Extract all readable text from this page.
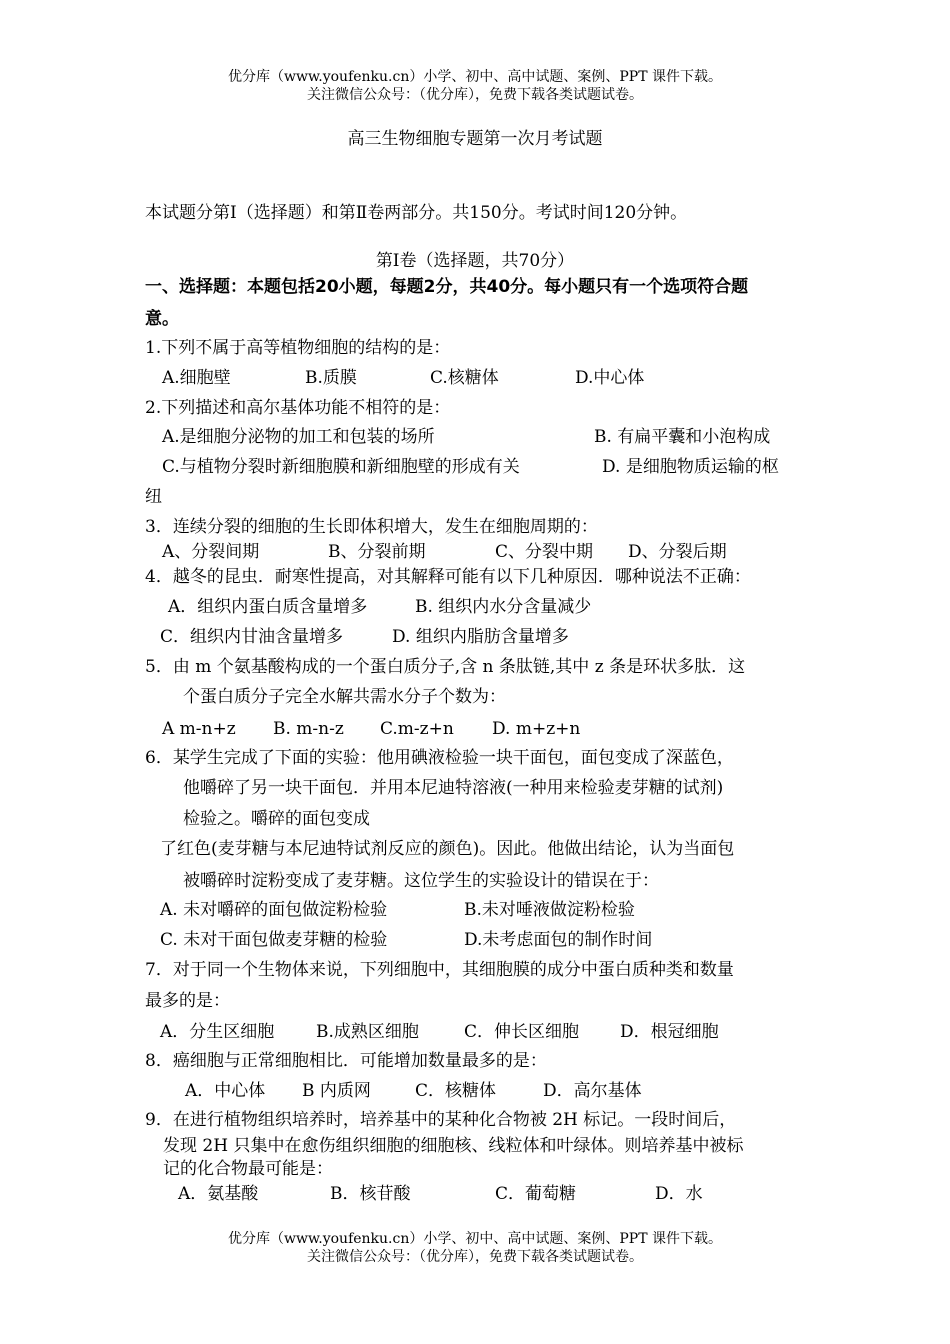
优分库（www.youfenku.cn）小学、初中、高中试题、案例、PPT 课件下载。
关注微信公众号：（优分库），免费下载各类试题试卷。
高三生物细胞专题第一次月考试题
本试题分第Ⅰ（选择题）和第Ⅱ卷两部分。共150分。考试时间120分钟。
第Ⅰ卷（选择题，共70分）
一、选择题：本题包括20小题，每题2分，共40分。每小题只有一个选项符合题
意。
1.下列不属于高等植物细胞的结构的是：
A.细胞壁	B.质膜	C.核糖体	D.中心体
2.下列描述和高尔基体功能不相符的是：
A.是细胞分泌物的加工和包装的场所	B. 有扁平囊和小泡构成
C.与植物分裂时新细胞膜和新细胞壁的形成有关	D. 是细胞物质运输的枢
纽
3．连续分裂的细胞的生长即体积增大，发生在细胞周期的：
A、分裂间期	B、分裂前期	C、分裂中期 D、分裂后期
4．越冬的昆虫．耐寒性提高，对其解释可能有以下几种原因．哪种说法不正确：
A．组织内蛋白质含量增多	B. 组织内水分含量减少
C．组织内甘油含量增多	D. 组织内脂肪含量增多
5．由 m 个氨基酸构成的一个蛋白质分子,含 n 条肽链,其中 z 条是环状多肽．这
个蛋白质分子完全水解共需水分子个数为：
A m-n+z B. m-n-z C.m-z+n D. m+z+n
6．某学生完成了下面的实验：他用碘液检验一块干面包，面包变成了深蓝色，
他嚼碎了另一块干面包．并用本尼迪特溶液(一种用来检验麦芽糖的试剂)
检验之。嚼碎的面包变成
了红色(麦芽糖与本尼迪特试剂反应的颜色)。因此。他做出结论，认为当面包
被嚼碎时淀粉变成了麦芽糖。这位学生的实验设计的错误在于：
A. 未对嚼碎的面包做淀粉检验	B.未对唾液做淀粉检验
C. 未对干面包做麦芽糖的检验	D.未考虑面包的制作时间
7．对于同一个生物体来说，下列细胞中，其细胞膜的成分中蛋白质种类和数量
最多的是：
A．分生区细胞 B.成熟区细胞	C．伸长区细胞 D．根冠细胞
8．癌细胞与正常细胞相比．可能增加数量最多的是：
A．中心体 B 内质网	C．核糖体	D．高尔基体
9．在进行植物组织培养时，培养基中的某种化合物被 2H 标记。一段时间后，
发现 2H 只集中在愈伤组织细胞的细胞核、线粒体和叶绿体。则培养基中被标
记的化合物最可能是：
A．氨基酸	B．核苷酸	C．葡萄糖	D．水
优分库（www.youfenku.cn）小学、初中、高中试题、案例、PPT 课件下载。
关注微信公众号：（优分库），免费下载各类试题试卷。
